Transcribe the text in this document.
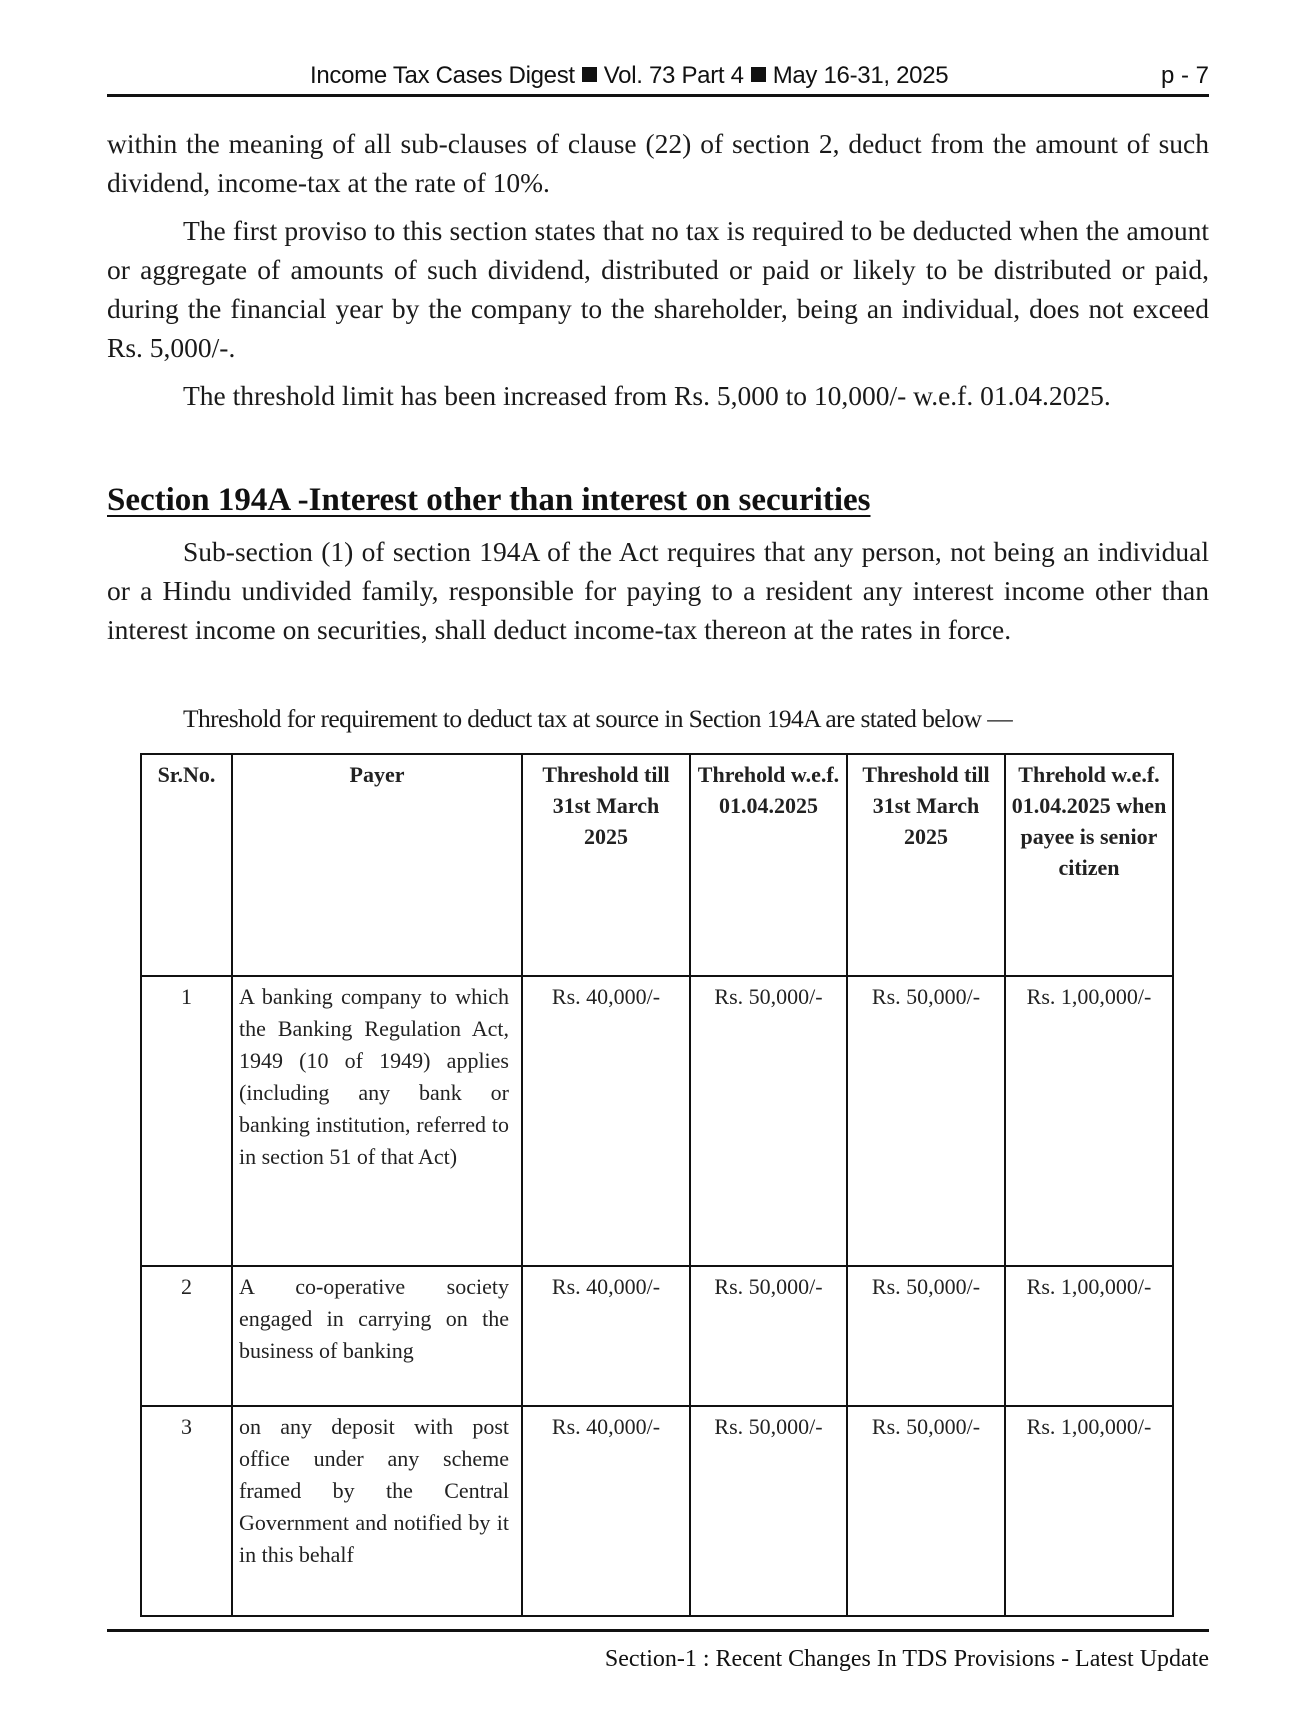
Income Tax Cases Digest Vol. 73 Part 4 May 16-31, 2025	p - 7

within the meaning of all sub-clauses of clause (22) of section 2, deduct from the amount of such dividend, income-tax at the rate of 10%.

The first proviso to this section states that no tax is required to be deducted when the amount or aggregate of amounts of such dividend, distributed or paid or likely to be distributed or paid, during the financial year by the company to the shareholder, being an individual, does not exceed Rs. 5,000/-.

The threshold limit has been increased from Rs. 5,000 to 10,000/- w.e.f. 01.04.2025.

Section 194A -Interest other than interest on securities

Sub-section (1) of section 194A of the Act requires that any person, not being an individual or a Hindu undivided family, responsible for paying to a resident any interest income other than interest income on securities, shall deduct income-tax thereon at the rates in force.

Threshold for requirement to deduct tax at source in Section 194A are stated below —
Sr.No.	Payer	Threshold till 31st March 2025	Threhold w.e.f. 01.04.2025	Threshold till 31st March 2025	Threhold w.e.f. 01.04.2025 when payee is senior citizen
1	A banking company to which the Banking Regulation Act, 1949 (10 of 1949) applies (including any bank or banking institution, referred to in section 51 of that Act)	Rs. 40,000/-	Rs. 50,000/-	Rs. 50,000/-	Rs. 1,00,000/-
2	A co-operative society engaged in carrying on the business of banking	Rs. 40,000/-	Rs. 50,000/-	Rs. 50,000/-	Rs. 1,00,000/-
3	on any deposit with post office under any scheme framed by the Central Government and notified by it in this behalf	Rs. 40,000/-	Rs. 50,000/-	Rs. 50,000/-	Rs. 1,00,000/-
Section-1 : Recent Changes In TDS Provisions - Latest Update
